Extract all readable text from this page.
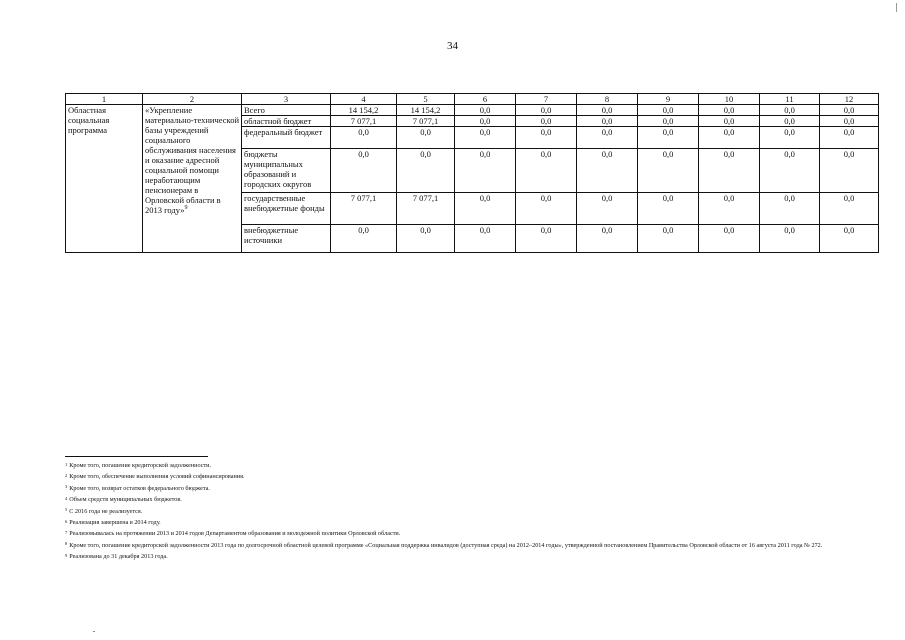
34
1	2	3	4	5	6	7	8	9	10	11	12
Областная социальная программа	«Укрепление материально-технической базы учреждений социального обслуживания населения и оказание адресной социальной помощи неработающим пенсионерам в Орловской области в 2013 году»$^9$	Всего	14 154,2	14 154,2	0,0	0,0	0,0	0,0	0,0	0,0	0,0
		областной бюджет	7 077,1	7 077,1	0,0	0,0	0,0	0,0	0,0	0,0	0,0
		федеральный бюджет	0,0	0,0	0,0	0,0	0,0	0,0	0,0	0,0	0,0
		бюджеты муниципальных образований и городских округов	0,0	0,0	0,0	0,0	0,0	0,0	0,0	0,0	0,0
		государственные внебюджетные фонды	7 077,1	7 077,1	0,0	0,0	0,0	0,0	0,0	0,0	0,0
		внебюджетные источники	0,0	0,0	0,0	0,0	0,0	0,0	0,0	0,0	0,0
$^1$ Кроме того, погашение кредиторской задолженности.
$^2$ Кроме того, обеспечение выполнения условий софинансирования.
$^3$ Кроме того, возврат остатков федерального бюджета.
$^4$ Объем средств муниципальных бюджетов.
$^5$ С 2016 года не реализуется.
$^6$ Реализация завершена в 2014 году.
$^7$ Реализовывалась на протяжении 2013 и 2014 годов Департаментом образования и молодежной политики Орловской области.
$^8$ Кроме того, погашение кредиторской задолженности 2013 года по долгосрочной областной целевой программе «Социальная поддержка инвалидов (доступная среда) на 2012–2014 годы», утвержденной постановлением Правительства Орловской области от 16 августа 2011 года № 272.
$^9$ Реализована до 31 декабря 2013 года.
